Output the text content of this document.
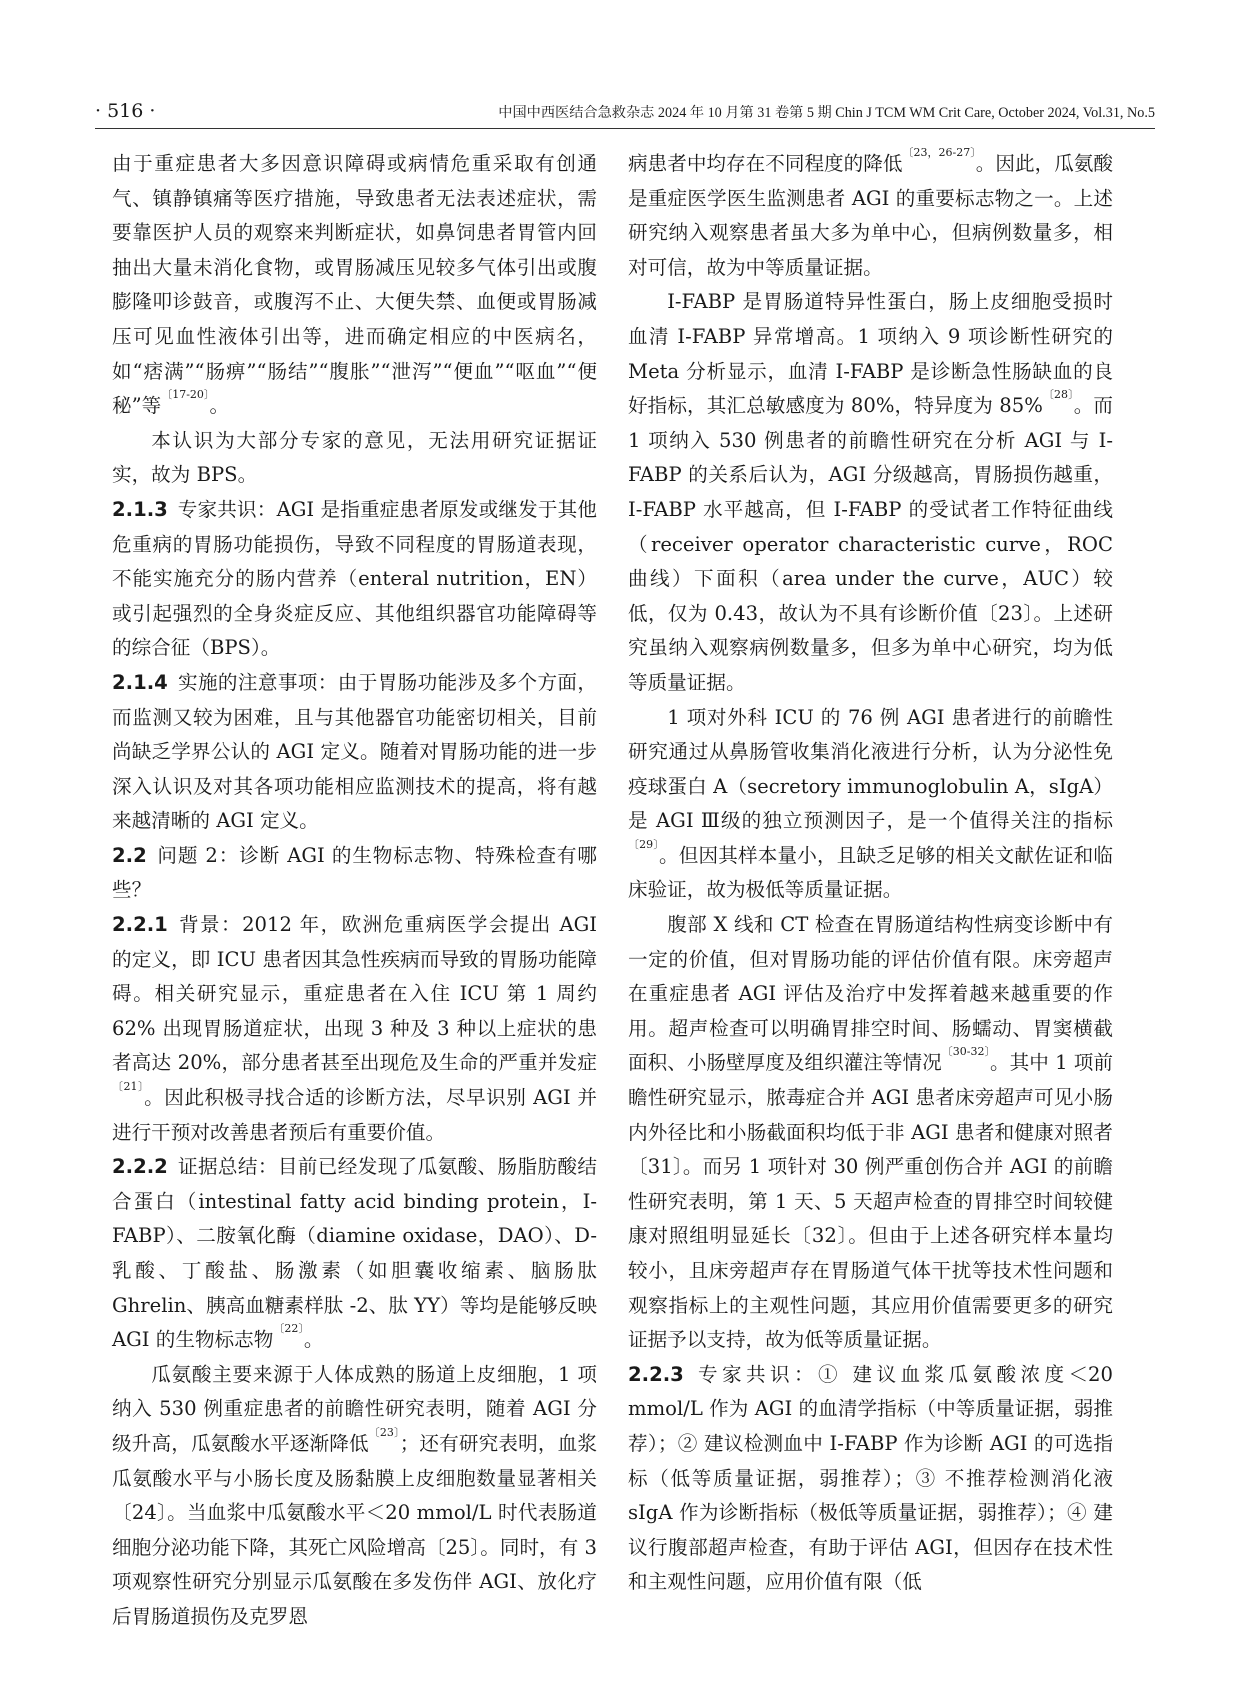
· 516 ·	中国中西医结合急救杂志 2024 年 10 月第 31 卷第 5 期 Chin J TCM WM Crit Care, October 2024, Vol.31, No.5

由于重症患者大多因意识障碍或病情危重采取有创通气、镇静镇痛等医疗措施，导致患者无法表述症状，需要靠医护人员的观察来判断症状，如鼻饲患者胃管内回抽出大量未消化食物，或胃肠减压见较多气体引出或腹膨隆叩诊鼓音，或腹泻不止、大便失禁、血便或胃肠减压可见血性液体引出等，进而确定相应的中医病名，如“痞满”“肠痹”“肠结”“腹胀”“泄泻”“便血”“呕血”“便秘”等$^{〔17-20〕}$。

本认识为大部分专家的意见，无法用研究证据证实，故为 BPS。

2.1.3  专家共识：AGI 是指重症患者原发或继发于其他危重病的胃肠功能损伤，导致不同程度的胃肠道表现，不能实施充分的肠内营养（enteral nutrition，EN）或引起强烈的全身炎症反应、其他组织器官功能障碍等的综合征（BPS）。

2.1.4  实施的注意事项：由于胃肠功能涉及多个方面，而监测又较为困难，且与其他器官功能密切相关，目前尚缺乏学界公认的 AGI 定义。随着对胃肠功能的进一步深入认识及对其各项功能相应监测技术的提高，将有越来越清晰的 AGI 定义。

2.2  问题 2：诊断 AGI 的生物标志物、特殊检查有哪些？

2.2.1  背景：2012 年，欧洲危重病医学会提出 AGI 的定义，即 ICU 患者因其急性疾病而导致的胃肠功能障碍。相关研究显示，重症患者在入住 ICU 第 1 周约 62% 出现胃肠道症状，出现 3 种及 3 种以上症状的患者高达 20%，部分患者甚至出现危及生命的严重并发症$^{〔21〕}$。因此积极寻找合适的诊断方法，尽早识别 AGI 并进行干预对改善患者预后有重要价值。

2.2.2  证据总结：目前已经发现了瓜氨酸、肠脂肪酸结合蛋白（intestinal fatty acid binding protein，I-FABP）、二胺氧化酶（diamine oxidase，DAO）、D-乳酸、丁酸盐、肠激素（如胆囊收缩素、脑肠肽 Ghrelin、胰高血糖素样肽 -2、肽 YY）等均是能够反映 AGI 的生物标志物$^{〔22〕}$。

瓜氨酸主要来源于人体成熟的肠道上皮细胞，1 项纳入 530 例重症患者的前瞻性研究表明，随着 AGI 分级升高，瓜氨酸水平逐渐降低$^{〔23〕}$；还有研究表明，血浆瓜氨酸水平与小肠长度及肠黏膜上皮细胞数量显著相关〔24〕。当血浆中瓜氨酸水平＜20 mmol/L 时代表肠道细胞分泌功能下降，其死亡风险增高〔25〕。同时，有 3 项观察性研究分别显示瓜氨酸在多发伤伴 AGI、放化疗后胃肠道损伤及克罗恩

病患者中均存在不同程度的降低$^{〔23,26-27〕}$。因此，瓜氨酸是重症医学医生监测患者 AGI 的重要标志物之一。上述研究纳入观察患者虽大多为单中心，但病例数量多，相对可信，故为中等质量证据。

I-FABP 是胃肠道特异性蛋白，肠上皮细胞受损时血清 I-FABP 异常增高。1 项纳入 9 项诊断性研究的 Meta 分析显示，血清 I-FABP 是诊断急性肠缺血的良好指标，其汇总敏感度为 80%，特异度为 85%$^{〔28〕}$。而 1 项纳入 530 例患者的前瞻性研究在分析 AGI 与 I-FABP 的关系后认为，AGI 分级越高，胃肠损伤越重，I-FABP 水平越高，但 I-FABP 的受试者工作特征曲线（receiver operator characteristic curve，ROC 曲线）下面积（area under the curve，AUC）较低，仅为 0.43，故认为不具有诊断价值〔23〕。上述研究虽纳入观察病例数量多，但多为单中心研究，均为低等质量证据。

1 项对外科 ICU 的 76 例 AGI 患者进行的前瞻性研究通过从鼻肠管收集消化液进行分析，认为分泌性免疫球蛋白 A（secretory immunoglobulin A，sIgA）是 AGI Ⅲ级的独立预测因子，是一个值得关注的指标$^{〔29〕}$。但因其样本量小，且缺乏足够的相关文献佐证和临床验证，故为极低等质量证据。

腹部 X 线和 CT 检查在胃肠道结构性病变诊断中有一定的价值，但对胃肠功能的评估价值有限。床旁超声在重症患者 AGI 评估及治疗中发挥着越来越重要的作用。超声检查可以明确胃排空时间、肠蠕动、胃窦横截面积、小肠壁厚度及组织灌注等情况$^{〔30-32〕}$。其中 1 项前瞻性研究显示，脓毒症合并 AGI 患者床旁超声可见小肠内外径比和小肠截面积均低于非 AGI 患者和健康对照者〔31〕。而另 1 项针对 30 例严重创伤合并 AGI 的前瞻性研究表明，第 1 天、5 天超声检查的胃排空时间较健康对照组明显延长〔32〕。但由于上述各研究样本量均较小，且床旁超声存在胃肠道气体干扰等技术性问题和观察指标上的主观性问题，其应用价值需要更多的研究证据予以支持，故为低等质量证据。

2.2.3  专家共识：① 建议血浆瓜氨酸浓度＜20 mmol/L 作为 AGI 的血清学指标（中等质量证据，弱推荐）；② 建议检测血中 I-FABP 作为诊断 AGI 的可选指标（低等质量证据，弱推荐）；③ 不推荐检测消化液 sIgA 作为诊断指标（极低等质量证据，弱推荐）；④ 建议行腹部超声检查，有助于评估 AGI，但因存在技术性和主观性问题，应用价值有限（低
